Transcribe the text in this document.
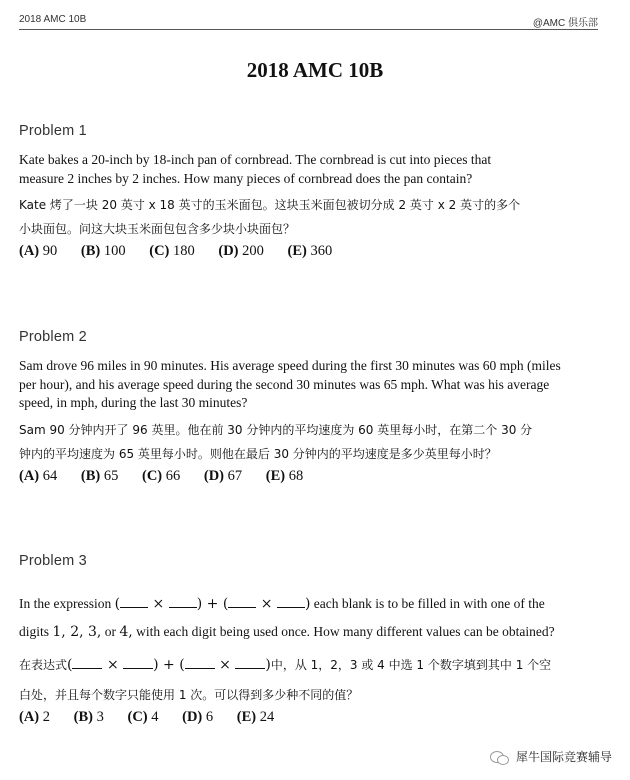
2018 AMC 10B	@AMC 俱乐部
2018 AMC 10B
Problem 1
Kate bakes a 20-inch by 18-inch pan of cornbread. The cornbread is cut into pieces that
measure 2 inches by 2 inches. How many pieces of cornbread does the pan contain?
Kate 烤了一块 20 英寸 x 18 英寸的玉米面包。这块玉米面包被切分成 2 英寸 x 2 英寸的多个
小块面包。问这大块玉米面包包含多少块小块面包？
(A) 90 (B) 100 (C) 180 (D) 200 (E) 360
Problem 2
Sam drove 96 miles in 90 minutes. His average speed during the first 30 minutes was 60 mph (miles
per hour), and his average speed during the second 30 minutes was 65 mph. What was his average
speed, in mph, during the last 30 minutes?
Sam 90 分钟内开了 96 英里。他在前 30 分钟内的平均速度为 60 英里每小时，在第二个 30 分
钟内的平均速度为 65 英里每小时。则他在最后 30 分钟内的平均速度是多少英里每小时？
(A) 64 (B) 65 (C) 66 (D) 67 (E) 68
Problem 3
In the expression ( × ) + ( × ) each blank is to be filled in with one of the
digits 1, 2, 3, or 4, with each digit being used once. How many different values can be obtained?
在表达式( × ) + ( × )中，从 1，2，3 或 4 中选 1 个数字填到其中 1 个空
白处，并且每个数字只能使用 1 次。可以得到多少种不同的值？
(A) 2 (B) 3 (C) 4 (D) 6 (E) 24
犀牛国际竞赛辅导
